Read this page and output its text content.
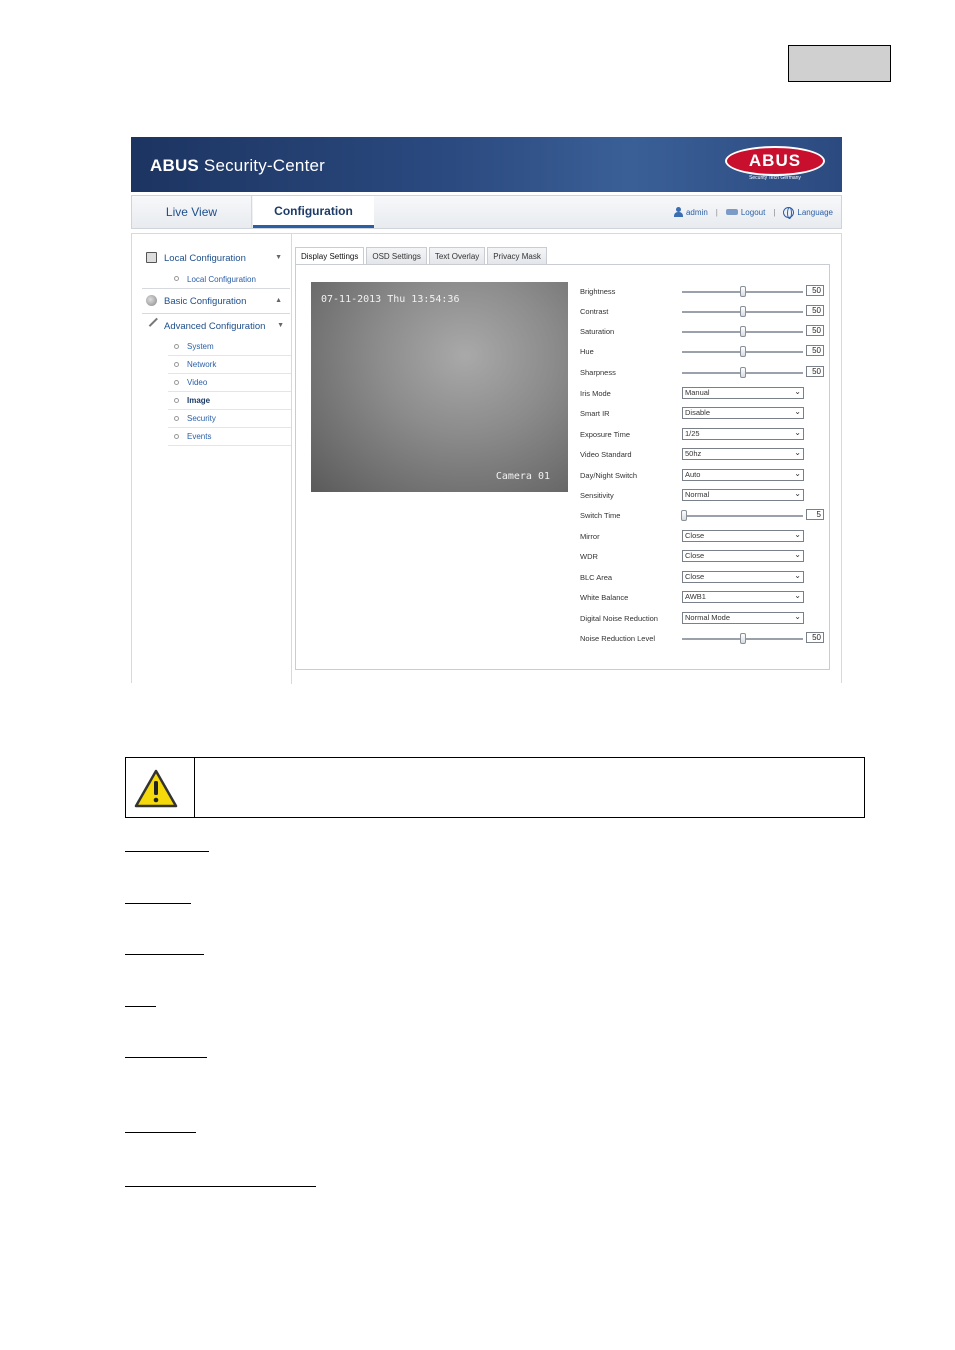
ABUS Security-Center	ABUS
Security Tech Germany
Live View	Configuration	admin	|	Logout	|	Language
Local Configuration	▼
Local Configuration
Basic Configuration	▲
Advanced Configuration ▼
System
Network
Video
Image
Security
Events
Display Settings	OSD Settings	Text Overlay	Privacy Mask
07-11-2013 Thu 13:54:36
Camera 01
Brightness	50
Contrast	50
Saturation	50
Hue	50
Sharpness	50
Iris Mode	Manual	⌄
Smart IR	Disable	⌄
Exposure Time	1/25	⌄
Video Standard	50hz	⌄
Day/Night Switch	Auto	⌄
Sensitivity	Normal	⌄
Switch Time	5
Mirror	Close	⌄
WDR	Close	⌄
BLC Area	Close	⌄
White Balance	AWB1	⌄
Digital Noise Reduction	Normal Mode	⌄
Noise Reduction Level	50
